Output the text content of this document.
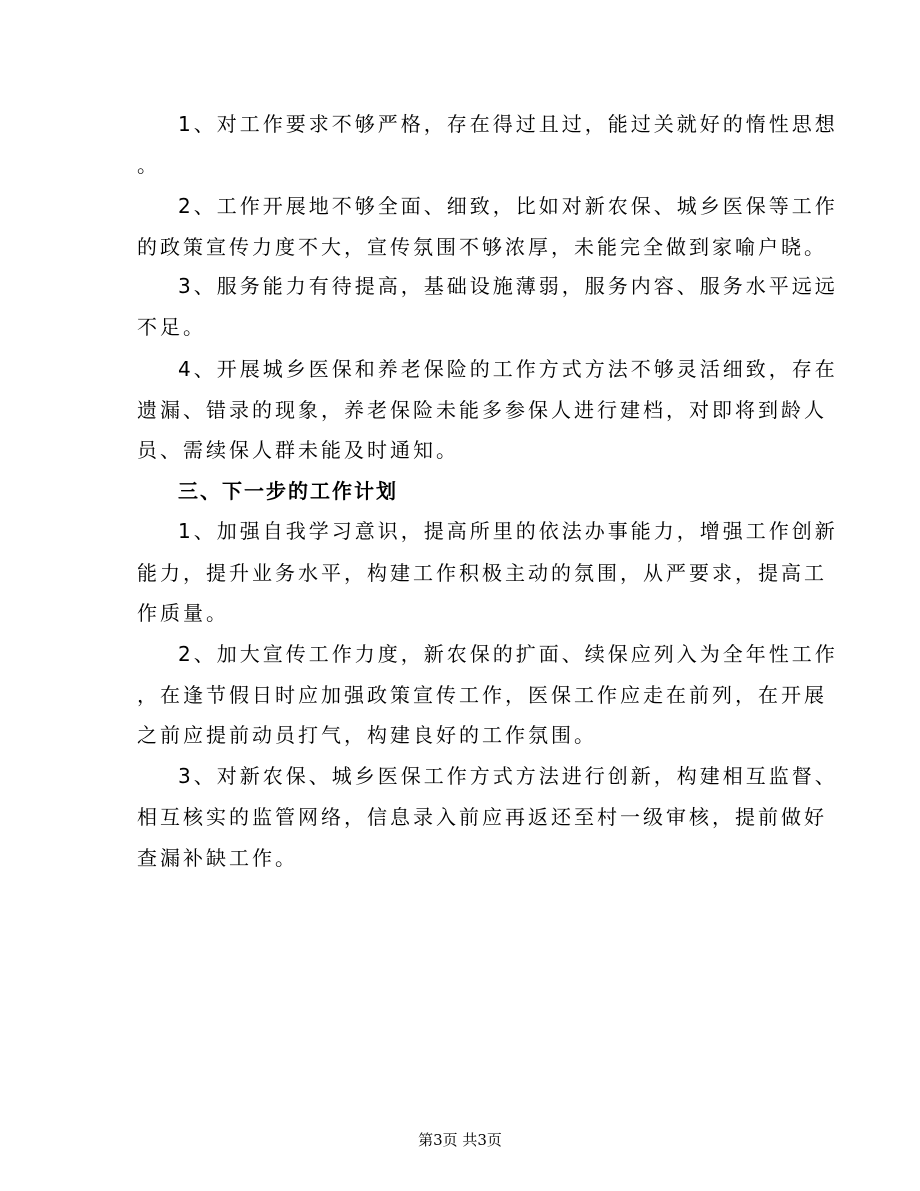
1、对工作要求不够严格，存在得过且过，能过关就好的惰性思想
。
2、工作开展地不够全面、细致，比如对新农保、城乡医保等工作
的政策宣传力度不大，宣传氛围不够浓厚，未能完全做到家喻户晓。
3、服务能力有待提高，基础设施薄弱，服务内容、服务水平远远
不足。
4、开展城乡医保和养老保险的工作方式方法不够灵活细致，存在
遗漏、错录的现象，养老保险未能多参保人进行建档，对即将到龄人
员、需续保人群未能及时通知。
三、下一步的工作计划
1、加强自我学习意识，提高所里的依法办事能力，增强工作创新
能力，提升业务水平，构建工作积极主动的氛围，从严要求，提高工
作质量。
2、加大宣传工作力度，新农保的扩面、续保应列入为全年性工作
，在逢节假日时应加强政策宣传工作，医保工作应走在前列，在开展
之前应提前动员打气，构建良好的工作氛围。
3、对新农保、城乡医保工作方式方法进行创新，构建相互监督、
相互核实的监管网络，信息录入前应再返还至村一级审核，提前做好
查漏补缺工作。
第3页 共3页
